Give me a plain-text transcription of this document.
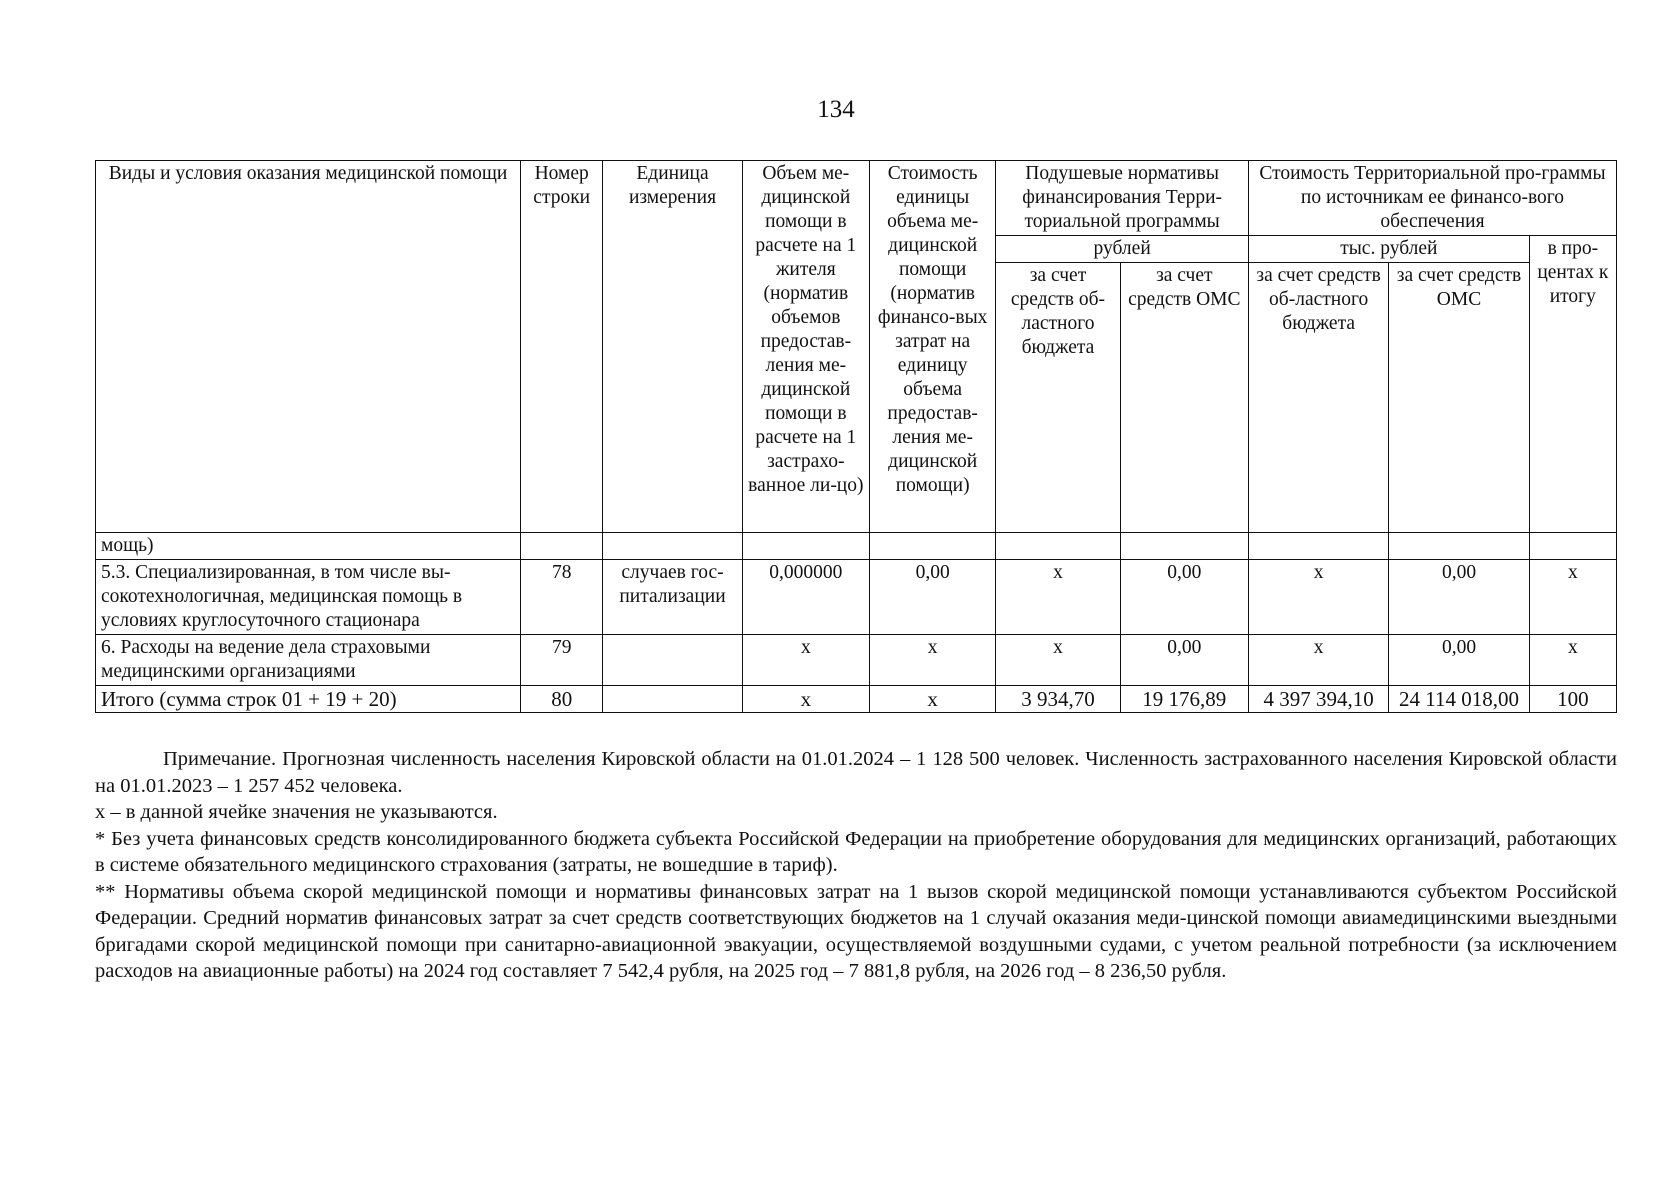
134
Виды и условия оказания медицинской помощи	Номер строки	Единица измерения	Объем ме-дицинской помощи в расчете на 1 жителя (норматив объемов предостав-ления ме-дицинской помощи в расчете на 1 застрахо-ванное ли-цо)	Стоимость единицы объема ме-дицинской помощи (норматив финансо-вых затрат на единицу объема предостав-ления ме-дицинской помощи)	Подушевые нормативы финансирования Терри-ториальной программы		Стоимость Территориальной про-граммы по источникам ее финансо-вого обеспечения		
					рублей		тыс. рублей		в про-центах к итогу
					за счет средств об-ластного бюджета	за счет средств ОМС	за счет средств об-ластного бюджета	за счет средств ОМС	
мощь)									
5.3. Специализированная, в том числе вы-сокотехнологичная, медицинская помощь в условиях круглосуточного стационара	78	случаев гос-питализации	0,000000	0,00	х	0,00	х	0,00	х
6. Расходы на ведение дела страховыми медицинскими организациями	79		х	х	х	0,00	х	0,00	х
Итого (сумма строк 01 + 19 + 20)	80		х	х	3 934,70	19 176,89	4 397 394,10	24 114 018,00	100

Примечание. Прогнозная численность населения Кировской области на 01.01.2024 – 1 128 500 человек. Численность застрахованного населения Кировской области на 01.01.2023 – 1 257 452 человека.

х – в данной ячейке значения не указываются.

* Без учета финансовых средств консолидированного бюджета субъекта Российской Федерации на приобретение оборудования для медицинских организаций, работающих в системе обязательного медицинского страхования (затраты, не вошедшие в тариф).

** Нормативы объема скорой медицинской помощи и нормативы финансовых затрат на 1 вызов скорой медицинской помощи устанавливаются субъектом Российской Федерации. Средний норматив финансовых затрат за счет средств соответствующих бюджетов на 1 случай оказания меди-цинской помощи авиамедицинскими выездными бригадами скорой медицинской помощи при санитарно-авиационной эвакуации, осуществляемой воздушными судами, с учетом реальной потребности (за исключением расходов на авиационные работы) на 2024 год составляет 7 542,4 рубля, на 2025 год – 7 881,8 рубля, на 2026 год – 8 236,50 рубля.
